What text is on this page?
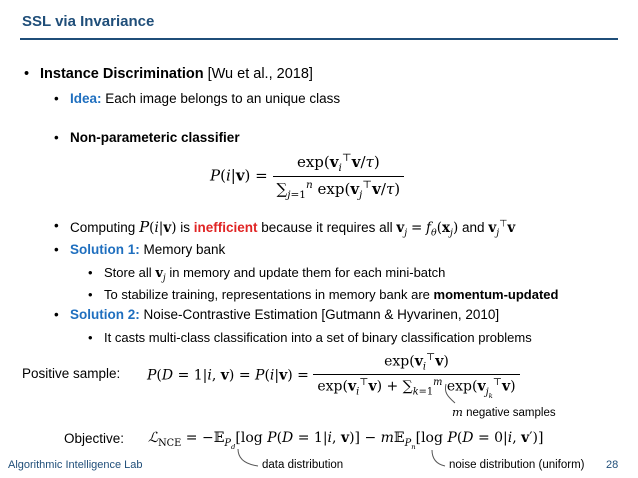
SSL via Invariance
• Instance Discrimination [Wu et al., 2018]
• Idea: Each image belongs to an unique class
• Non-parameteric classifier
$P(i|v) = \frac{\exp(v_i^⊤v/\tau)}{\sum_{j=1}^n \exp(v_j^⊤v/\tau)}$
• Computing P(i|v) is inefficient because it requires all $v_j = f_\theta(x_j)$ and $v_j^⊤v$
• Solution 1: Memory bank
• Store all $v_j$ in memory and update them for each mini-batch
• To stabilize training, representations in memory bank are momentum-updated
• Solution 2: Noise-Contrastive Estimation [Gutmann & Hyvarinen, 2010]
• It casts multi-class classification into a set of binary classification problems
Positive sample: P(D = 1|i, $v) = P(i|v) = \frac{\exp(v_i^⊤v)}{\exp(v_i^⊤v) + \sum_{k=1}^m \exp(v_{j_k}^⊤v)}$
m negative samples
Objective: ℒ$_{NCE}$ = −𝔼$_{P_d}$[log P(D = 1|i, v)] − m𝔼$_{P_n}$[log P(D = 0|i, v′)]
data distribution	noise distribution (uniform)
Algorithmic Intelligence Lab	28
